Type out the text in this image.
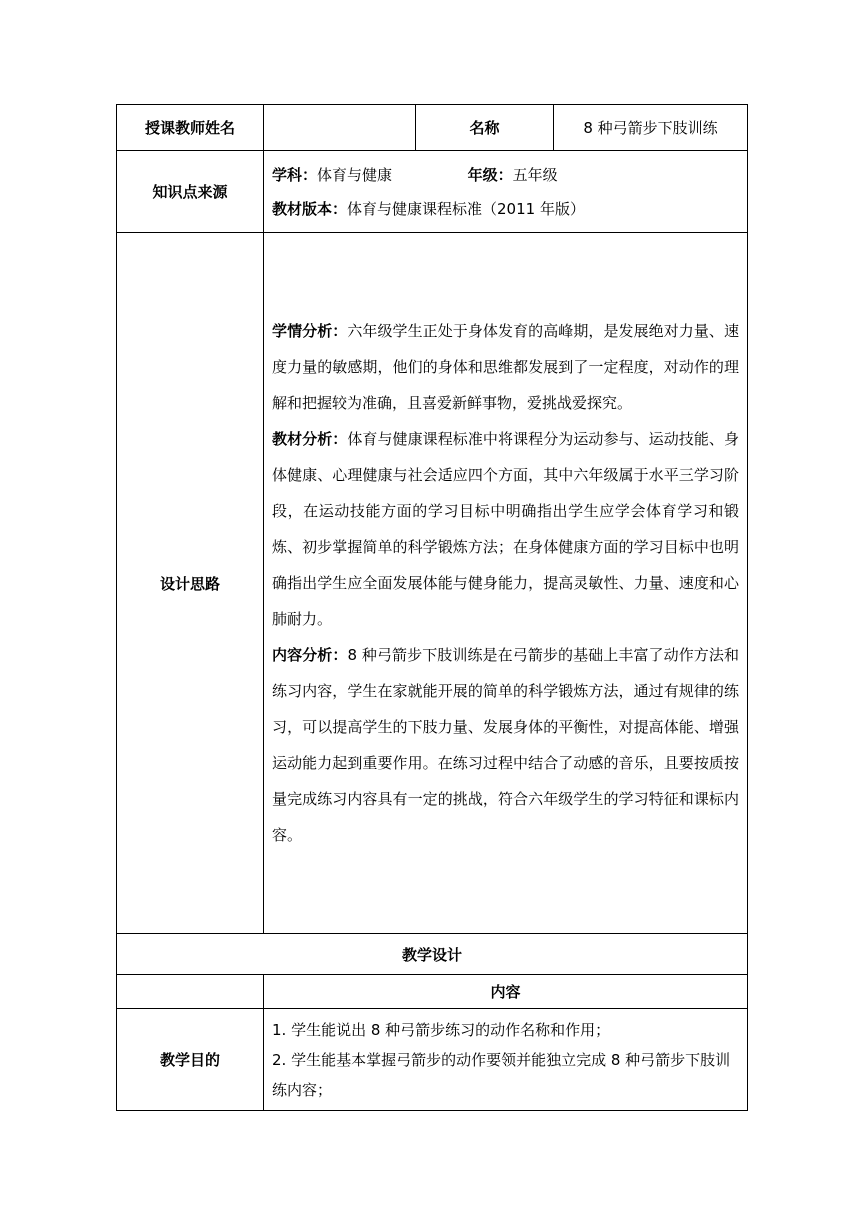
授课教师姓名		名称	8 种弓箭步下肢训练
知识点来源	学科：体育与健康 年级：五年级
教材版本：体育与健康课程标准（2011 年版）		

设计思路	学情分析：六年级学生正处于身体发育的高峰期，是发展绝对力量、速度力量的敏感期，他们的身体和思维都发展到了一定程度，对动作的理解和把握较为准确，且喜爱新鲜事物，爱挑战爱探究。

教材分析：体育与健康课程标准中将课程分为运动参与、运动技能、身体健康、心理健康与社会适应四个方面，其中六年级属于水平三学习阶段，在运动技能方面的学习目标中明确指出学生应学会体育学习和锻炼、初步掌握简单的科学锻炼方法；在身体健康方面的学习目标中也明确指出学生应全面发展体能与健身能力，提高灵敏性、力量、速度和心肺耐力。

内容分析：8 种弓箭步下肢训练是在弓箭步的基础上丰富了动作方法和练习内容，学生在家就能开展的简单的科学锻炼方法，通过有规律的练习，可以提高学生的下肢力量、发展身体的平衡性，对提高体能、增强运动能力起到重要作用。在练习过程中结合了动感的音乐，且要按质按量完成练习内容具有一定的挑战，符合六年级学生的学习特征和课标内容。		

教学设计			
	内容		
教学目的	1. 学生能说出 8 种弓箭步练习的动作名称和作用；

2. 学生能基本掌握弓箭步的动作要领并能独立完成 8 种弓箭步下肢训练内容；		
